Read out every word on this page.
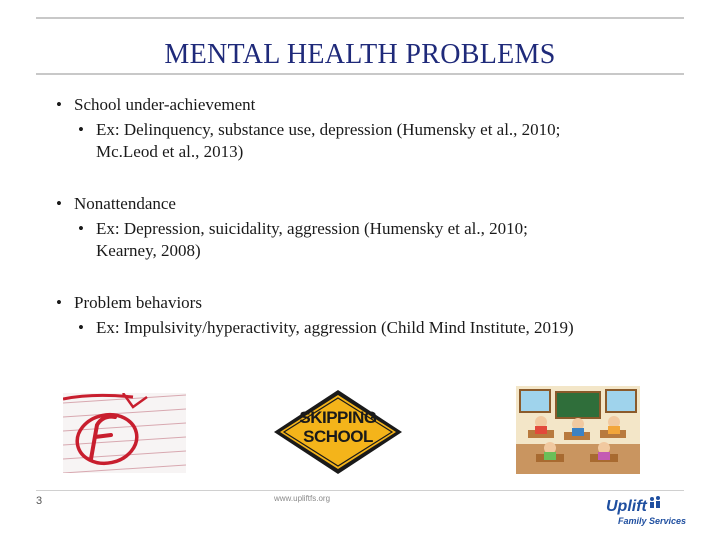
MENTAL HEALTH PROBLEMS
• School under-achievement
• Ex: Delinquency, substance use, depression (Humensky et al., 2010;
Mc.Leod et al., 2013)
• Nonattendance
• Ex: Depression, suicidality, aggression (Humensky et al., 2010;
Kearney, 2008)
• Problem behaviors
• Ex: Impulsivity/hyperactivity, aggression (Child Mind Institute, 2019)
SKIPPING
SCHOOL
3	www.upliftfs.org	Uplift
Family Services
